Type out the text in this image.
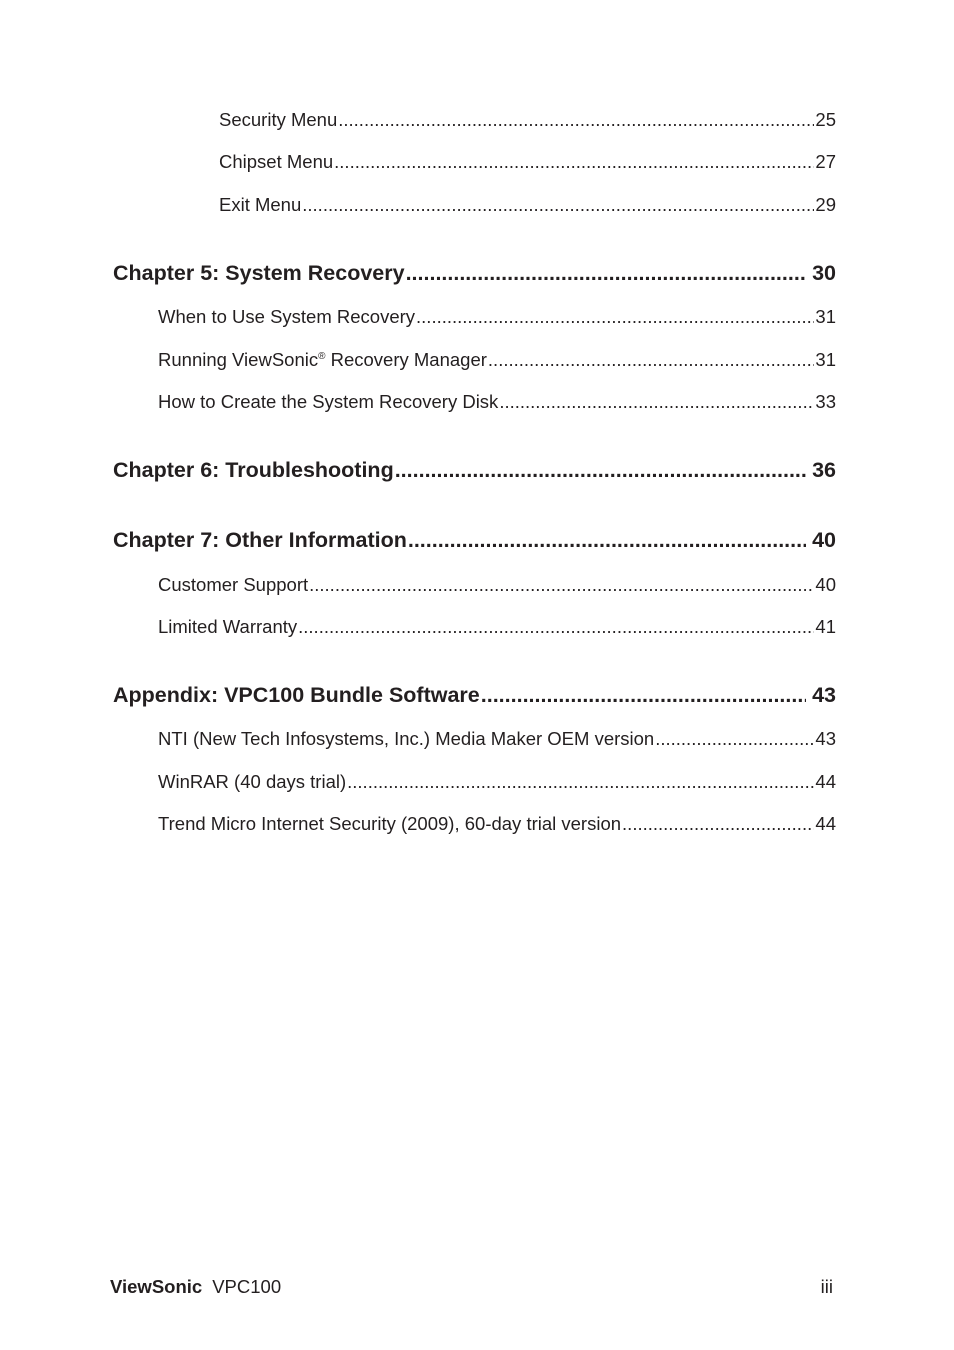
Security Menu .....	25
Chipset Menu .....	27
Exit Menu .....	29
Chapter 5: System Recovery .....	30
When to Use System Recovery .....	31
Running ViewSonic® Recovery Manager .....	31
How to Create the System Recovery Disk .....	33
Chapter 6: Troubleshooting .....	36
Chapter 7: Other Information .....	40
Customer Support .....	40
Limited Warranty .....	41
Appendix: VPC100 Bundle Software .....	43
NTI (New Tech Infosystems, Inc.) Media Maker OEM version .....	43
WinRAR (40 days trial) .....	44
Trend Micro Internet Security (2009), 60-day trial version .....	44
ViewSonic VPC100	iii
